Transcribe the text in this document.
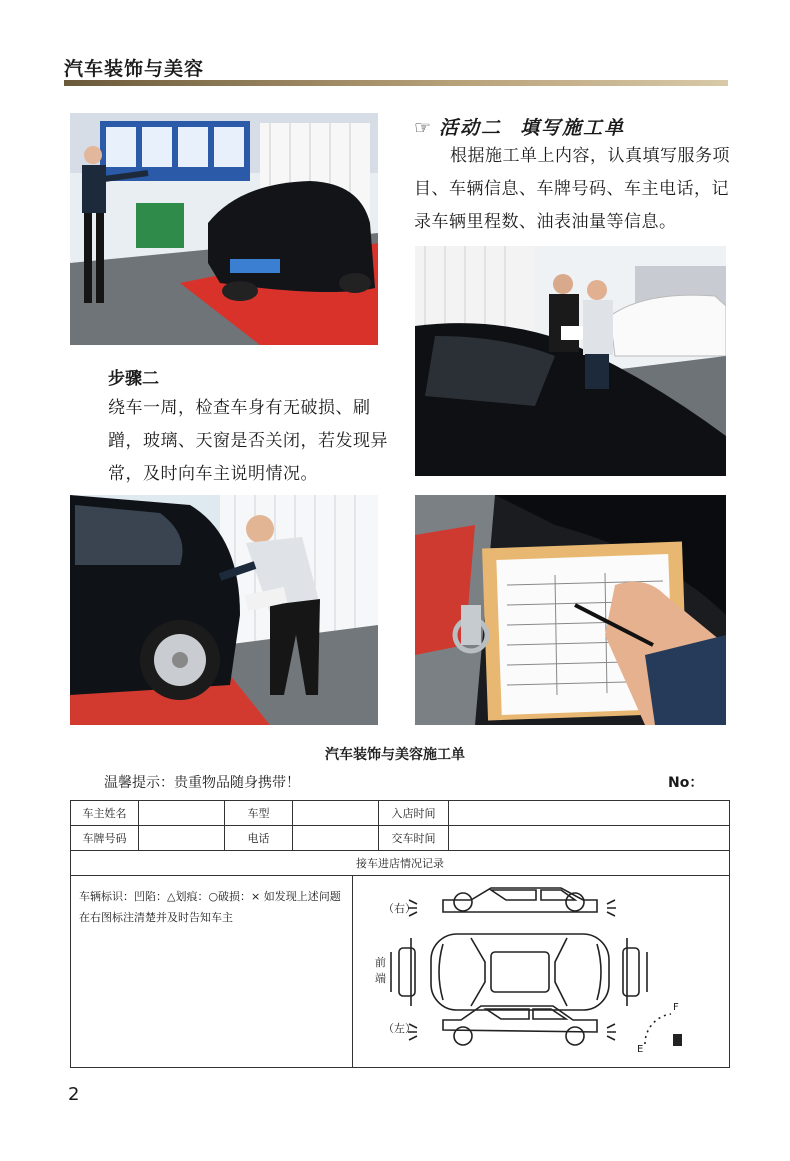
汽车装饰与美容
☞ 活动二 填写施工单
根据施工单上内容，认真填写服务项目、车辆信息、车牌号码、车主电话，记录车辆里程数、油表油量等信息。
步骤二
绕车一周，检查车身有无破损、刷蹭，玻璃、天窗是否关闭，若发现异常，及时向车主说明情况。
汽车装饰与美容施工单
温馨提示：贵重物品随身携带！	No：
车主姓名		车型		入店时间	
车牌号码		电话		交车时间	
接车进店情况记录					
车辆标识：凹陷：△划痕：○破损：× 如发现上述问题在右图标注清楚并及时告知车主
（右）
前
端
（左）
F
E
2
